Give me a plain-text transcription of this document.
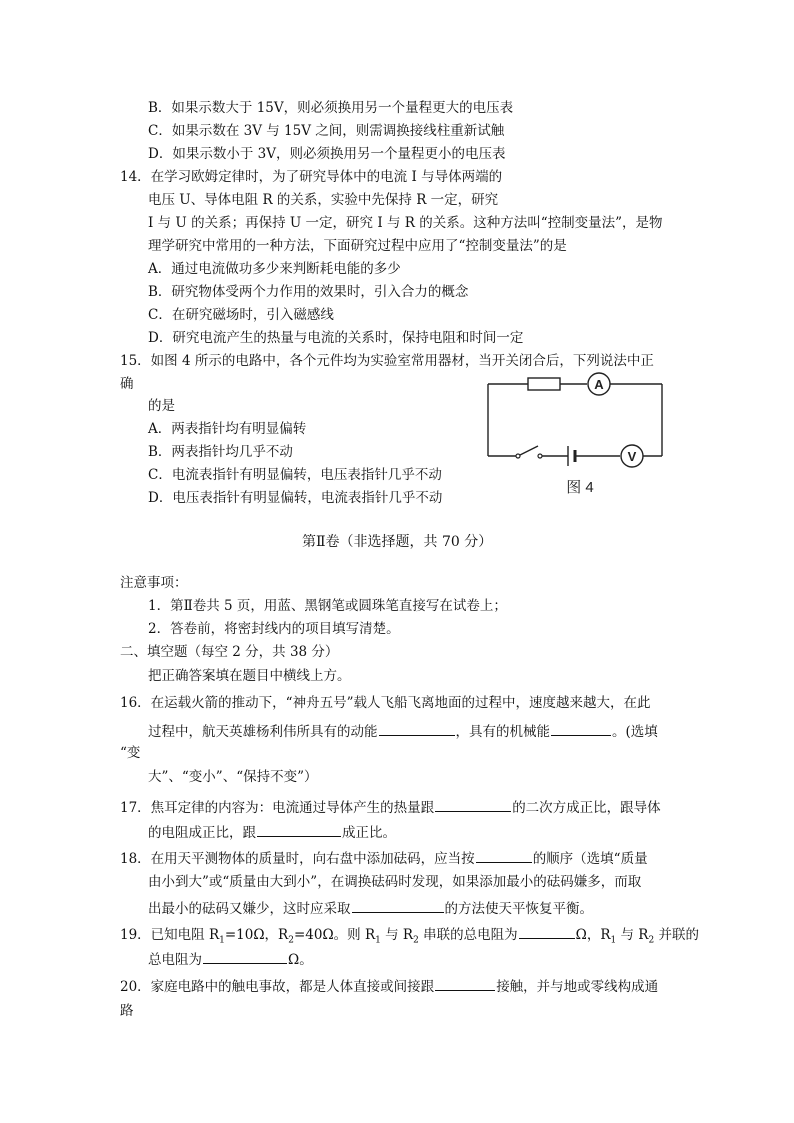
B．如果示数大于 15V，则必须换用另一个量程更大的电压表
C．如果示数在 3V 与 15V 之间，则需调换接线柱重新试触
D．如果示数小于 3V，则必须换用另一个量程更小的电压表
14．在学习欧姆定律时，为了研究导体中的电流 I 与导体两端的
电压 U、导体电阻 R 的关系，实验中先保持 R 一定，研究
I 与 U 的关系；再保持 U 一定，研究 I 与 R 的关系。这种方法叫“控制变量法”，是物
理学研究中常用的一种方法，下面研究过程中应用了“控制变量法”的是
A．通过电流做功多少来判断耗电能的多少
B．研究物体受两个力作用的效果时，引入合力的概念
C．在研究磁场时，引入磁感线
D．研究电流产生的热量与电流的关系时，保持电阻和时间一定
15．如图 4 所示的电路中，各个元件均为实验室常用器材，当开关闭合后，下列说法中正
确
的是
A．两表指针均有明显偏转
B．两表指针均几乎不动
C．电流表指针有明显偏转，电压表指针几乎不动
D．电压表指针有明显偏转，电流表指针几乎不动
A
V
图 4
第Ⅱ卷（非选择题，共 70 分）
注意事项：
1．第Ⅱ卷共 5 页，用蓝、黑钢笔或圆珠笔直接写在试卷上；
2．答卷前，将密封线内的项目填写清楚。
二、填空题（每空 2 分，共 38 分）
把正确答案填在题目中横线上方。
16．在运载火箭的推动下，“神舟五号”载人飞船飞离地面的过程中，速度越来越大，在此
过程中，航天英雄杨利伟所具有的动能	，具有的机械能	。(选填
“变
大”、“变小”、“保持不变”）
17．焦耳定律的内容为：电流通过导体产生的热量跟	的二次方成正比，跟导体
的电阻成正比，跟	成正比。
18．在用天平测物体的质量时，向右盘中添加砝码，应当按	的顺序（选填“质量
由小到大”或“质量由大到小”，在调换砝码时发现，如果添加最小的砝码嫌多，而取
出最小的砝码又嫌少，这时应采取	的方法使天平恢复平衡。
19．已知电阻 $R_1=10\Omega$，$R_2=40\Omega$。则 $R_1$ 与 $R_2$ 串联的总电阻为	Ω，$R_1$ 与 $R_2$ 并联的
总电阻为	Ω。
20．家庭电路中的触电事故，都是人体直接或间接跟	接触，并与地或零线构成通
路
